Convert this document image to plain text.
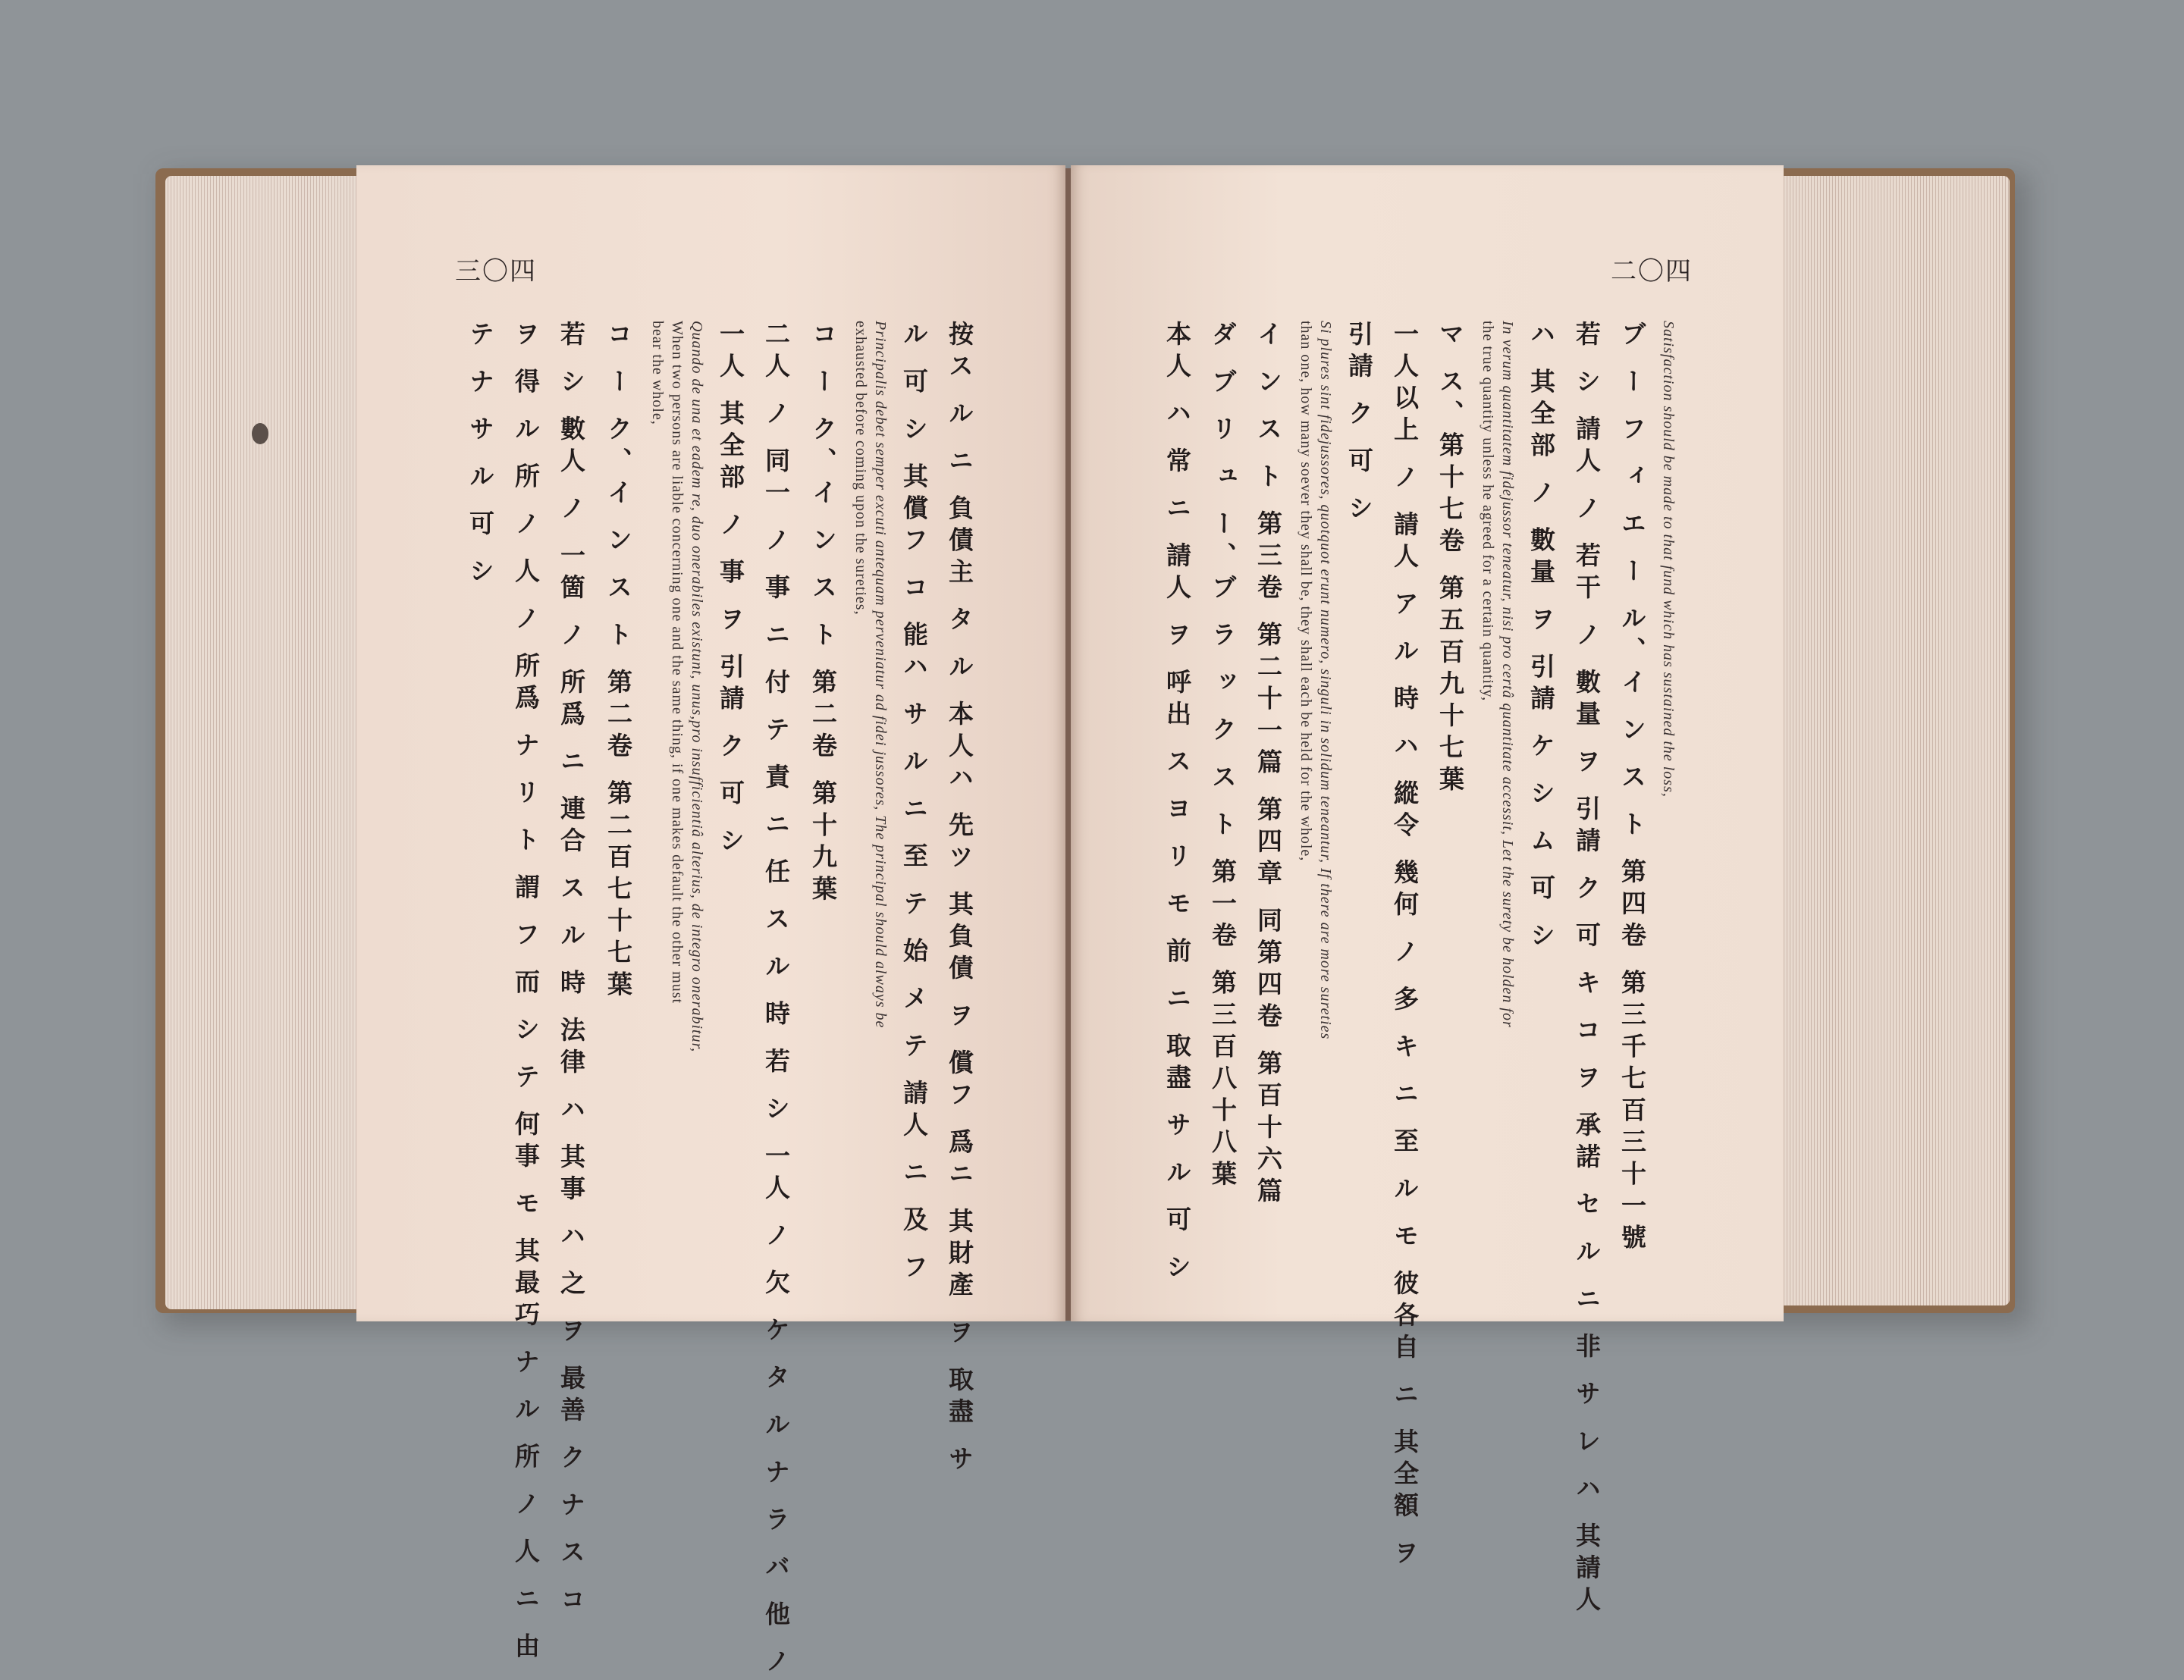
三〇四
按ス ル ニ 負債主 タ ル 本人ハ 先ツ 其負債 ヲ 償フ 爲ニ 其財產 ヲ 取盡 サ
ル 可 シ 其償フ コ 能ハ サ ル ニ 至 テ 始 メ テ 請人 ニ 及 フ
Principalis debet semper excuti antequam perveniatur ad fidei jussores, The principal should always be
exhausted before coming upon the sureties,
コ ー ク、イ ン ス ト 第二卷 第十九葉
二人 ノ 同一 ノ 事 ニ 付 テ 責 ニ 任 ス ル 時 若 シ 一人 ノ 欠 ケ タ ル ナ ラ バ 他 ノ
一人 其全部 ノ 事 ヲ 引請 ク 可 シ
Quando de una et eadem re, duo onerabiles existunt, unus,pro insufficientiâ alterius, de integro onerabitur,
When two persons are liable concerning one and the same thing, if one makes default the other must
bear the whole,
コ ー ク、イ ン ス ト 第二卷 第二百七十七葉
若 シ 數人 ノ 一箇 ノ 所爲 ニ 連合 ス ル 時 法律 ハ 其事 ハ 之 ヲ 最善 ク ナ ス コ
ヲ 得 ル 所 ノ 人 ノ 所爲 ナ リ ト 謂 フ 而 シ テ 何事 モ 其最巧 ナ ル 所 ノ 人 ニ 由
テ ナ サ ル 可 シ
二〇四
Satisfaction should be made to that fund which has sustained the loss,
ブ ー フ ィ エ ー ル、イ ン ス ト 第四卷 第三千七百三十一號
若 シ 請人 ノ 若干 ノ 數量 ヲ 引請 ク 可 キ コ ヲ 承諾 セ ル ニ 非 サ レ ハ 其請人
ハ 其全部 ノ 數量 ヲ 引請 ケ シ ム 可 シ
In verum quantitatem fidejussor teneatur, nisi pro certâ quantitate accessit, Let the surety be holden for
the true quantity unless he agreed for a certain quantity,
マ ス、第十七卷 第五百九十七葉
一人以上 ノ 請人 ア ル 時 ハ 縱令 幾何 ノ 多 キ ニ 至 ル モ 彼各自 ニ 其全額 ヲ
引請 ク 可 シ
Si plures sint fidejussores, quotquot erunt numero, singuli in solidum teneantur, If there are more sureties
than one, how many soever they shall be, they shall each be held for the whole,
イ ン ス ト 第三卷 第二十一篇 第四章 同第四卷 第百十六篇
ダ ブ リ ュ ー、ブ ラ ッ ク ス ト 第一卷 第三百八十八葉
本人 ハ 常 ニ 請人 ヲ 呼出 ス ヨ リ モ 前 ニ 取盡 サ ル 可 シ
